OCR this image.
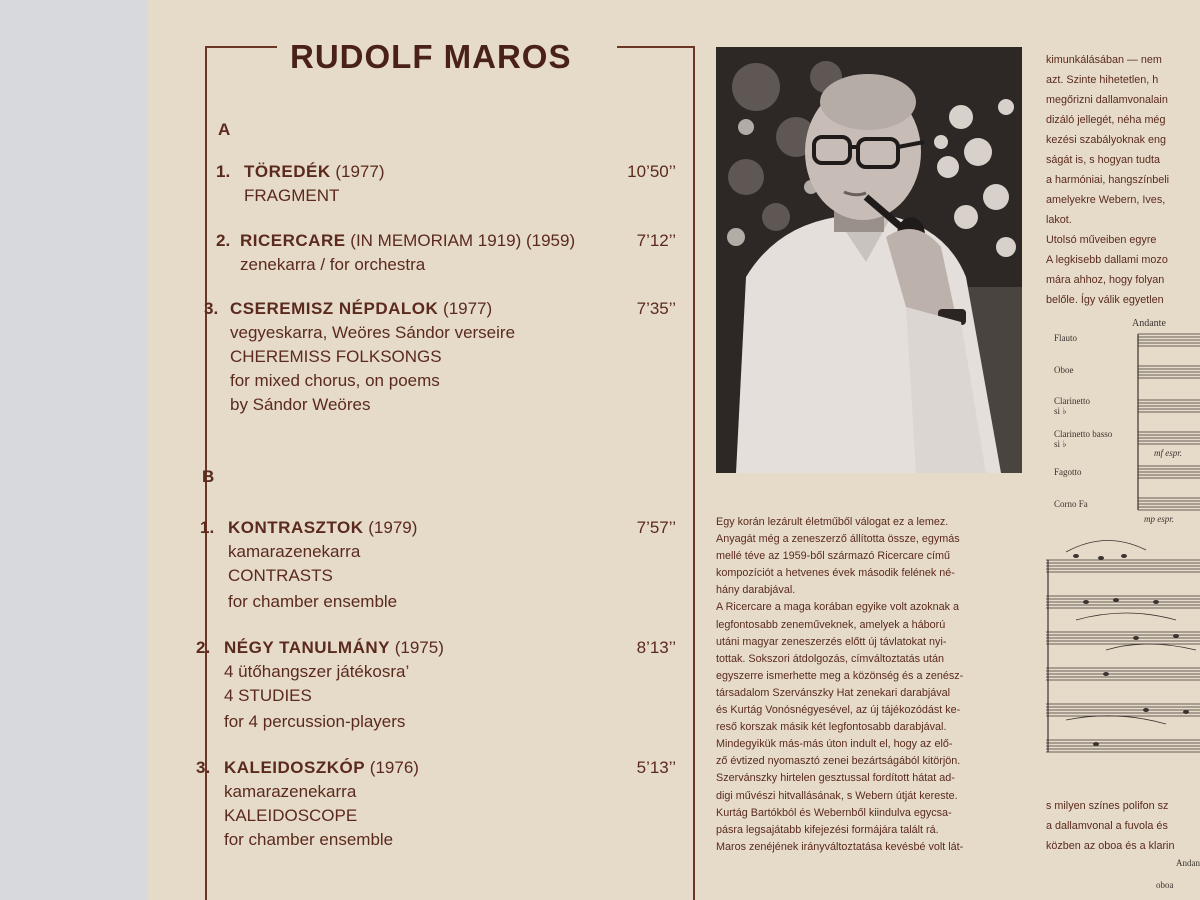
RUDOLF MAROS
A
1. TÖREDÉK (1977)	10’50’’
FRAGMENT
2. RICERCARE (IN MEMORIAM 1919) (1959)	7’12’’
zenekarra / for orchestra
3. CSEREMISZ NÉPDALOK (1977)	7’35’’
vegyeskarra, Weöres Sándor verseire
CHEREMISS FOLKSONGS
for mixed chorus, on poems
by Sándor Weöres
B
1. KONTRASZTOK (1979)	7’57’’
kamarazenekarra
CONTRASTS
for chamber ensemble
2. NÉGY TANULMÁNY (1975)	8’13’’
4 ütőhangszer játékosra’
4 STUDIES
for 4 percussion-players
3. KALEIDOSZKÓP (1976)	5’13’’
kamarazenekarra
KALEIDOSCOPE
for chamber ensemble

Egy korán lezárult életműből válogat ez a lemez.
Anyagát még a zeneszerző állította össze, egymás
mellé téve az 1959-ből származó Ricercare című
kompozíciót a hetvenes évek második felének né-
hány darabjával.
A Ricercare a maga korában egyike volt azoknak a
legfontosabb zeneműveknek, amelyek a háború
utáni magyar zeneszerzés előtt új távlatokat nyi-
tottak. Sokszori átdolgozás, címváltoztatás után
egyszerre ismerhette meg a közönség és a zenész-
társadalom Szervánszky Hat zenekari darabjával
és Kurtág Vonósnégyesével, az új tájékozódást ke-
reső korszak másik két legfontosabb darabjával.
Mindegyikük más-más úton indult el, hogy az elő-
ző évtized nyomasztó zenei bezártságából kitörjön.
Szervánszky hirtelen gesztussal fordított hátat ad-
digi művészi hitvallásának, s Webern útját kereste.
Kurtág Bartókból és Webernből kiindulva egycsa-
pásra legsajátabb kifejezési formájára talált rá.
Maros zenéjének irányváltoztatása kevésbé volt lát-

kimunkálásában — nem
azt. Szinte hihetetlen, h
megőrizni dallamvonalain
dizáló jellegét, néha még
kezési szabályoknak eng
ságát is, s hogyan tudta
a harmóniai, hangszínbeli
amelyekre Webern, Ives,
lakot.
Utolsó műveiben egyre
A legkisebb dallami mozo
mára ahhoz, hogy folyan
belőle. Így válik egyetlen
Andante
Flauto
Oboe
Clarinetto
si ♭
Clarinetto basso
si ♭
Fagotto
Corno Fa
mf espr.
mp espr.
s milyen színes polifon sz
a dallamvonal a fuvola és
közben az oboa és a klarin
Andan
oboa
